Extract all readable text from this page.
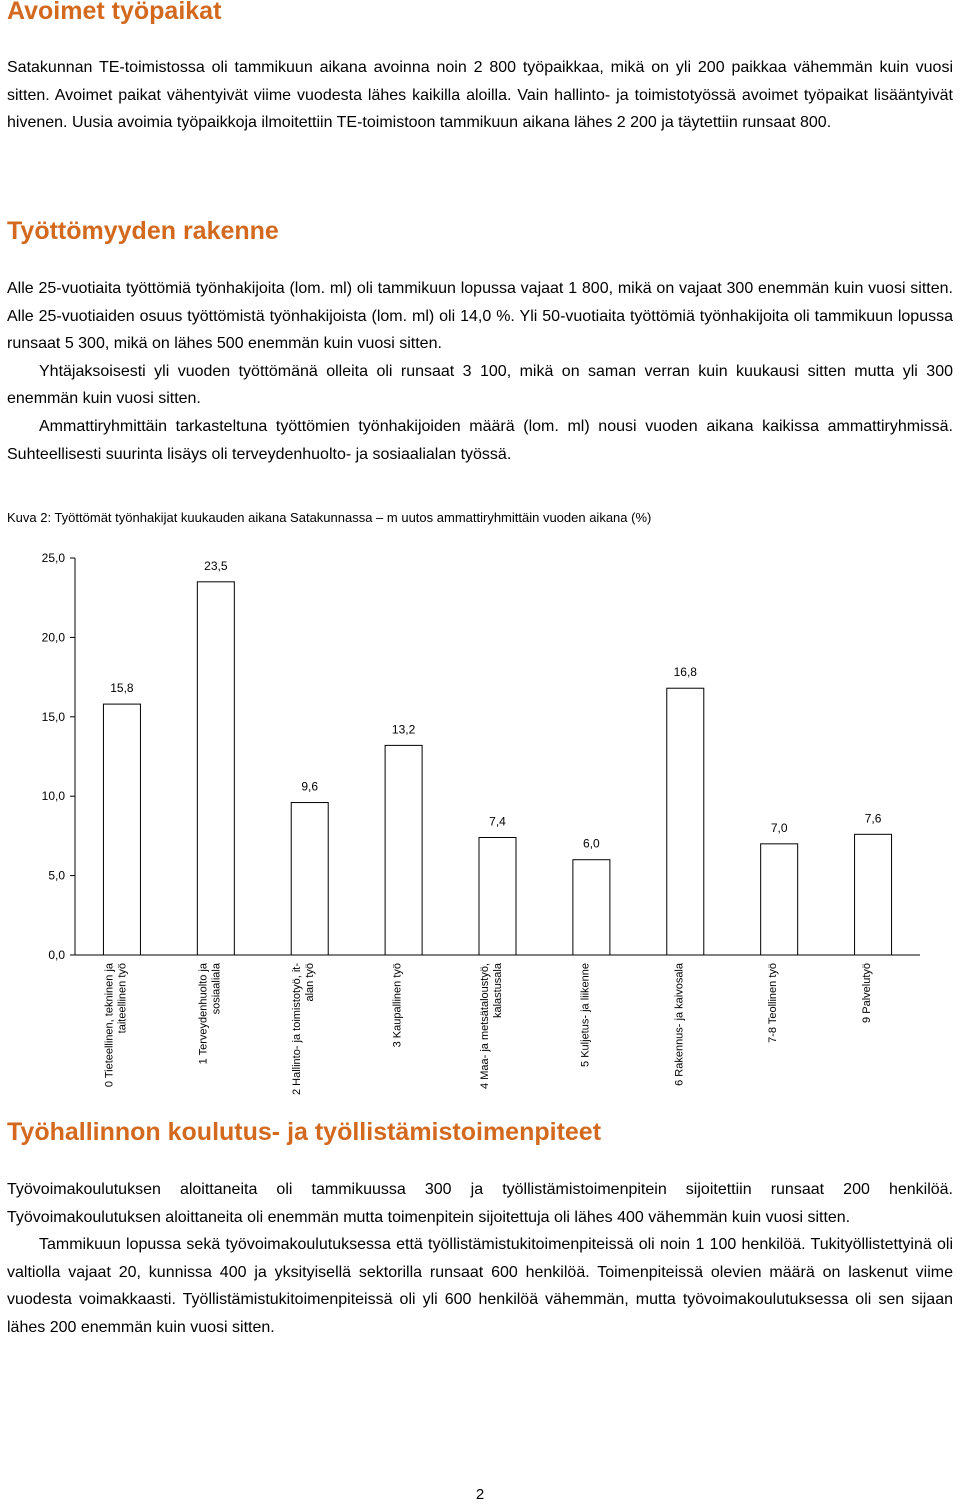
Avoimet työpaikat

Satakunnan TE-toimistossa oli tammikuun aikana avoinna noin 2 800 työpaikkaa, mikä on yli 200 paikkaa vähemmän kuin vuosi sitten. Avoimet paikat vähentyivät viime vuodesta lähes kaikilla aloilla. Vain hallinto- ja toimistotyössä avoimet työpaikat lisääntyivät hivenen. Uusia avoimia työpaikkoja ilmoitettiin TE-toimistoon tammikuun aikana lähes 2 200 ja täytettiin runsaat 800.

Työttömyyden rakenne

Alle 25-vuotiaita työttömiä työnhakijoita (lom. ml) oli tammikuun lopussa vajaat 1 800, mikä on vajaat 300 enemmän kuin vuosi sitten. Alle 25-vuotiaiden osuus työttömistä työnhakijoista (lom. ml) oli 14,0 %. Yli 50-vuotiaita työttömiä työnhakijoita oli tammikuun lopussa runsaat 5 300, mikä on lähes 500 enemmän kuin vuosi sitten.

Yhtäjaksoisesti yli vuoden työttömänä olleita oli runsaat 3 100, mikä on saman verran kuin kuukausi sitten mutta yli 300 enemmän kuin vuosi sitten.

Ammattiryhmittäin tarkasteltuna työttömien työnhakijoiden määrä (lom. ml) nousi vuoden aikana kaikissa ammattiryhmissä. Suhteellisesti suurinta lisäys oli terveydenhuolto- ja sosiaalialan työssä.

Kuva 2: Työttömät työnhakijat kuukauden aikana Satakunnassa – m uutos ammattiryhmittäin vuoden aikana (%)
0,0
5,0
10,0
15,0
20,0
25,0
15,8
0 Tieteellinen, tekninen jataiteellinen työ
23,5
1 Terveydenhuolto jasosiaaliala
9,6
2 Hallinto- ja toimistotyö, it-alan työ
13,2
3 Kaupallinen työ
7,4
4 Maa- ja metsätaloustyö,kalastusala
6,0
5 Kuljetus- ja liikenne
16,8
6 Rakennus- ja kaivosala
7,0
7-8 Teollinen työ
7,6
9 Palvelutyö
Työhallinnon koulutus- ja työllistämistoimenpiteet

Työvoimakoulutuksen aloittaneita oli tammikuussa 300 ja työllistämistoimenpitein sijoitettiin runsaat 200 henkilöä. Työvoimakoulutuksen aloittaneita oli enemmän mutta toimenpitein sijoitettuja oli lähes 400 vähemmän kuin vuosi sitten.

Tammikuun lopussa sekä työvoimakoulutuksessa että työllistämistukitoimenpiteissä oli noin 1 100 henkilöä. Tukityöllistettyinä oli valtiolla vajaat 20, kunnissa 400 ja yksityisellä sektorilla runsaat 600 henkilöä. Toimenpiteissä olevien määrä on laskenut viime vuodesta voimakkaasti. Työllistämistukitoimenpiteissä oli yli 600 henkilöä vähemmän, mutta työvoimakoulutuksessa oli sen sijaan lähes 200 enemmän kuin vuosi sitten.

2
